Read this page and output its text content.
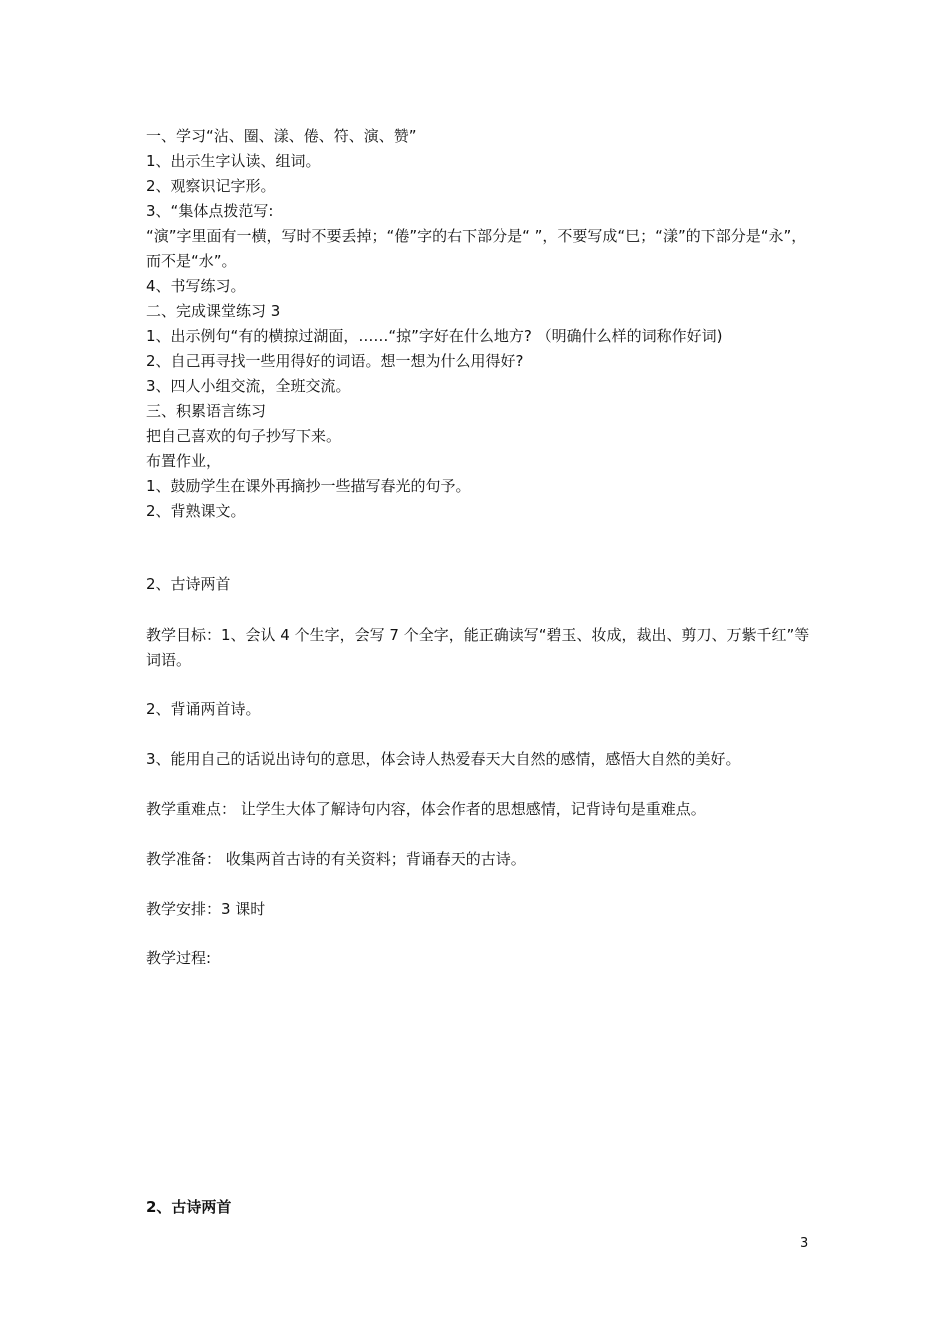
一、学习“沾、圈、漾、倦、符、演、赞”
1、出示生字认读、组词。
2、观察识记字形。
3、“集体点拨范写:
“演”字里面有一横，写时不要丢掉；“倦”字的右下部分是“ ”，不要写成“巳；“漾”的下部分是“永”，而不是“水”。
4、书写练习。
二、完成课堂练习 3
1、出示例句“有的横掠过湖面，……“掠”字好在什么地方? （明确什么样的词称作好词)
2、自己再寻找一些用得好的词语。想一想为什么用得好?
3、四人小组交流，全班交流。
三、积累语言练习
把自己喜欢的句子抄写下来。
布置作业，
1、鼓励学生在课外再摘抄一些描写春光的句予。
2、背熟课文。
2、古诗两首
教学目标：1、会认 4 个生字，会写 7 个全字，能正确读写“碧玉、妆成，裁出、剪刀、万紫千红”等词语。
2、背诵两首诗。
3、能用自己的话说出诗句的意思，体会诗人热爱春天大自然的感情，感悟大自然的美好。
教学重难点： 让学生大体了解诗句内容，体会作者的思想感情，记背诗句是重难点。
教学准备： 收集两首古诗的有关资料；背诵春天的古诗。
教学安排：3 课时
教学过程:
2、古诗两首
3
